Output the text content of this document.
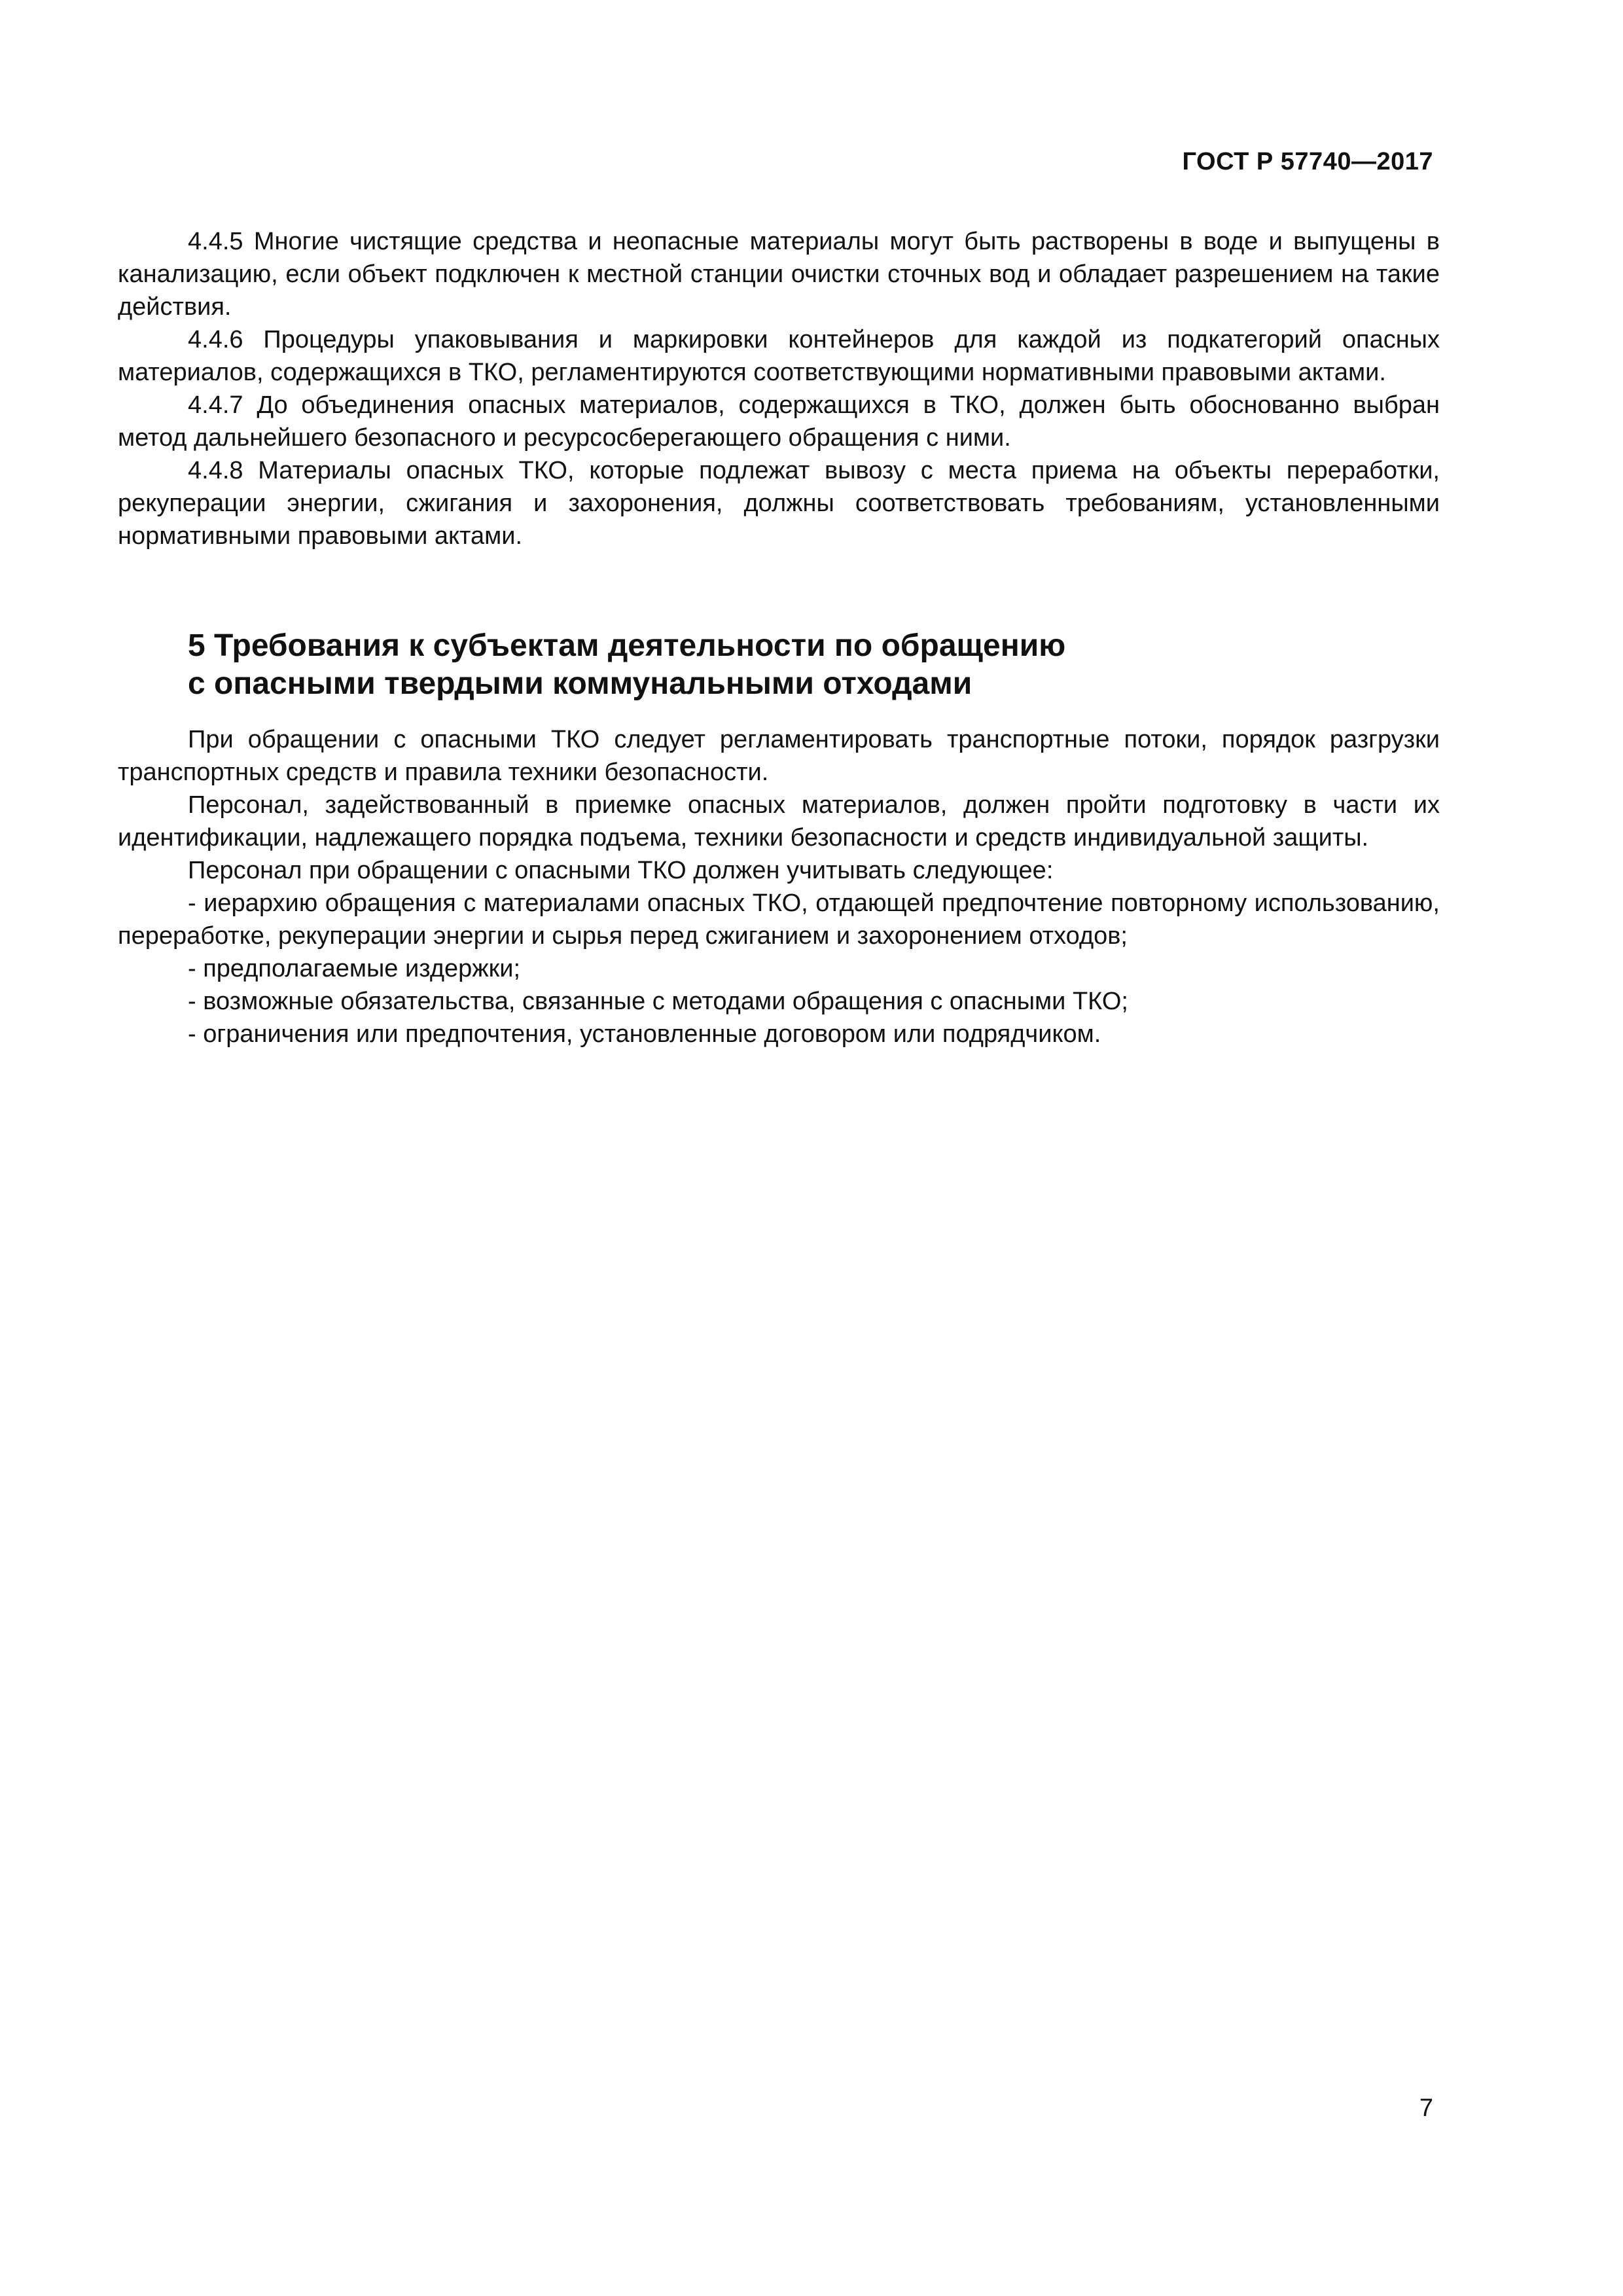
ГОСТ Р 57740—2017

4.4.5 Многие чистящие средства и неопасные материалы могут быть растворены в воде и выпущены в канализацию, если объект подключен к местной станции очистки сточных вод и обладает разрешением на такие действия.

4.4.6 Процедуры упаковывания и маркировки контейнеров для каждой из подкатегорий опасных материалов, содержащихся в ТКО, регламентируются соответствующими нормативными правовыми актами.

4.4.7 До объединения опасных материалов, содержащихся в ТКО, должен быть обоснованно выбран метод дальнейшего безопасного и ресурсосберегающего обращения с ними.

4.4.8 Материалы опасных ТКО, которые подлежат вывозу с места приема на объекты переработки, рекуперации энергии, сжигания и захоронения, должны соответствовать требованиям, установленными нормативными правовыми актами.

5 Требования к субъектам деятельности по обращению
с опасными твердыми коммунальными отходами

При обращении с опасными ТКО следует регламентировать транспортные потоки, порядок разгрузки транспортных средств и правила техники безопасности.

Персонал, задействованный в приемке опасных материалов, должен пройти подготовку в части их идентификации, надлежащего порядка подъема, техники безопасности и средств индивидуальной защиты.

Персонал при обращении с опасными ТКО должен учитывать следующее:

- иерархию обращения с материалами опасных ТКО, отдающей предпочтение повторному использованию, переработке, рекуперации энергии и сырья перед сжиганием и захоронением отходов;

- предполагаемые издержки;

- возможные обязательства, связанные с методами обращения с опасными ТКО;

- ограничения или предпочтения, установленные договором или подрядчиком.

7
